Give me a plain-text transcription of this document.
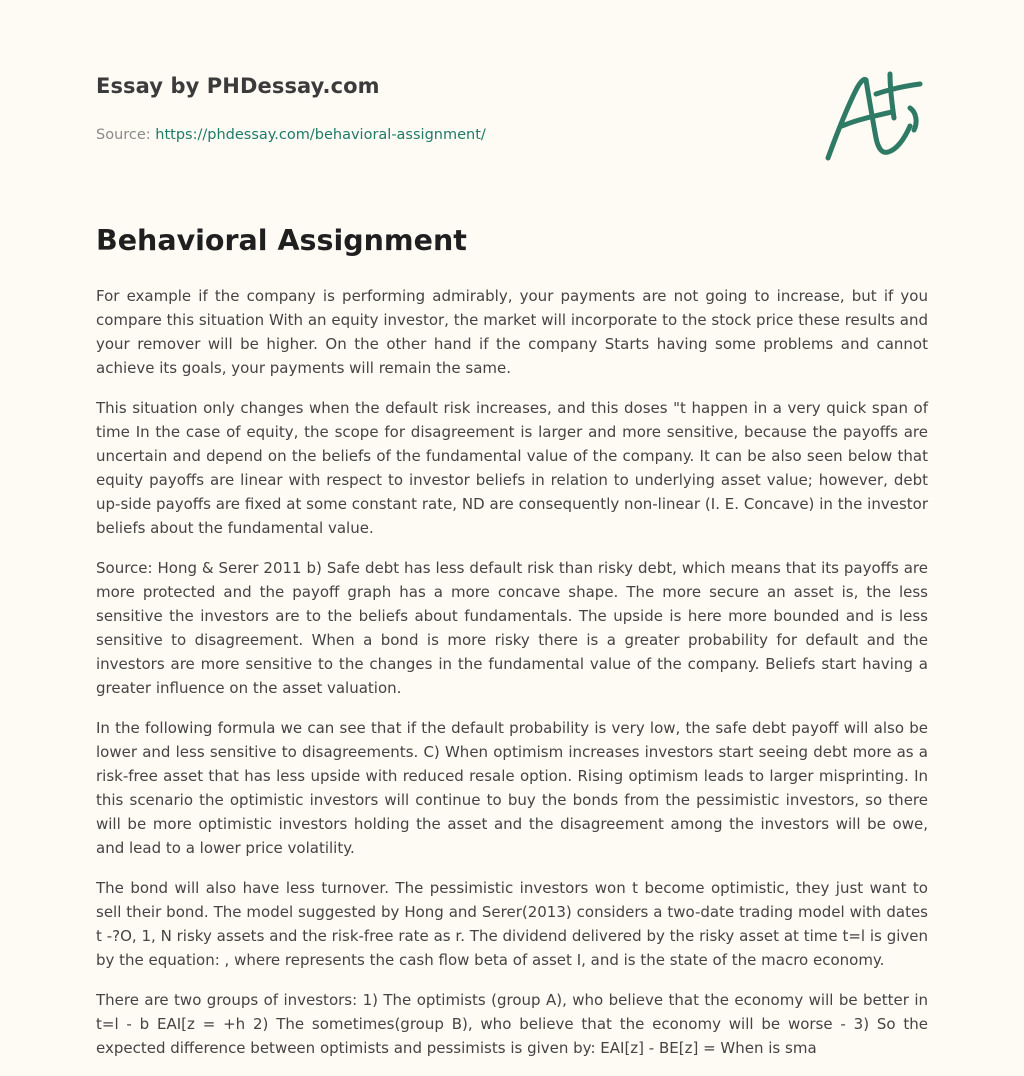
Essay by PHDessay.com
Source: https://phdessay.com/behavioral-assignment/
Behavioral Assignment

For example if the company is performing admirably, your payments are not going to increase, but if you compare this situation With an equity investor, the market will incorporate to the stock price these results and your remover will be higher. On the other hand if the company Starts having some problems and cannot achieve its goals, your payments will remain the same.

This situation only changes when the default risk increases, and this doses "t happen in a very quick span of time In the case of equity, the scope for disagreement is larger and more sensitive, because the payoffs are uncertain and depend on the beliefs of the fundamental value of the company. It can be also seen below that equity payoffs are linear with respect to investor beliefs in relation to underlying asset value; however, debt up-side payoffs are fixed at some constant rate, ND are consequently non-linear (I. E. Concave) in the investor beliefs about the fundamental value.

Source: Hong & Serer 2011 b) Safe debt has less default risk than risky debt, which means that its payoffs are more protected and the payoff graph has a more concave shape. The more secure an asset is, the less sensitive the investors are to the beliefs about fundamentals. The upside is here more bounded and is less sensitive to disagreement. When a bond is more risky there is a greater probability for default and the investors are more sensitive to the changes in the fundamental value of the company. Beliefs start having a greater influence on the asset valuation.

In the following formula we can see that if the default probability is very low, the safe debt payoff will also be lower and less sensitive to disagreements. C) When optimism increases investors start seeing debt more as a risk-free asset that has less upside with reduced resale option. Rising optimism leads to larger misprinting. In this scenario the optimistic investors will continue to buy the bonds from the pessimistic investors, so there will be more optimistic investors holding the asset and the disagreement among the investors will be owe, and lead to a lower price volatility.

The bond will also have less turnover. The pessimistic investors won t become optimistic, they just want to sell their bond. The model suggested by Hong and Serer(2013) considers a two-date trading model with dates t -?O, 1, N risky assets and the risk-free rate as r. The dividend delivered by the risky asset at time t=l is given by the equation: , where represents the cash flow beta of asset I, and is the state of the macro economy.

There are two groups of investors: 1) The optimists (group A), who believe that the economy will be better in t=l - b EAI[z = +h 2) The sometimes(group B), who believe that the economy will be worse - 3) So the expected difference between optimists and pessimists is given by: EAI[z] - BE[z] = When is sma
